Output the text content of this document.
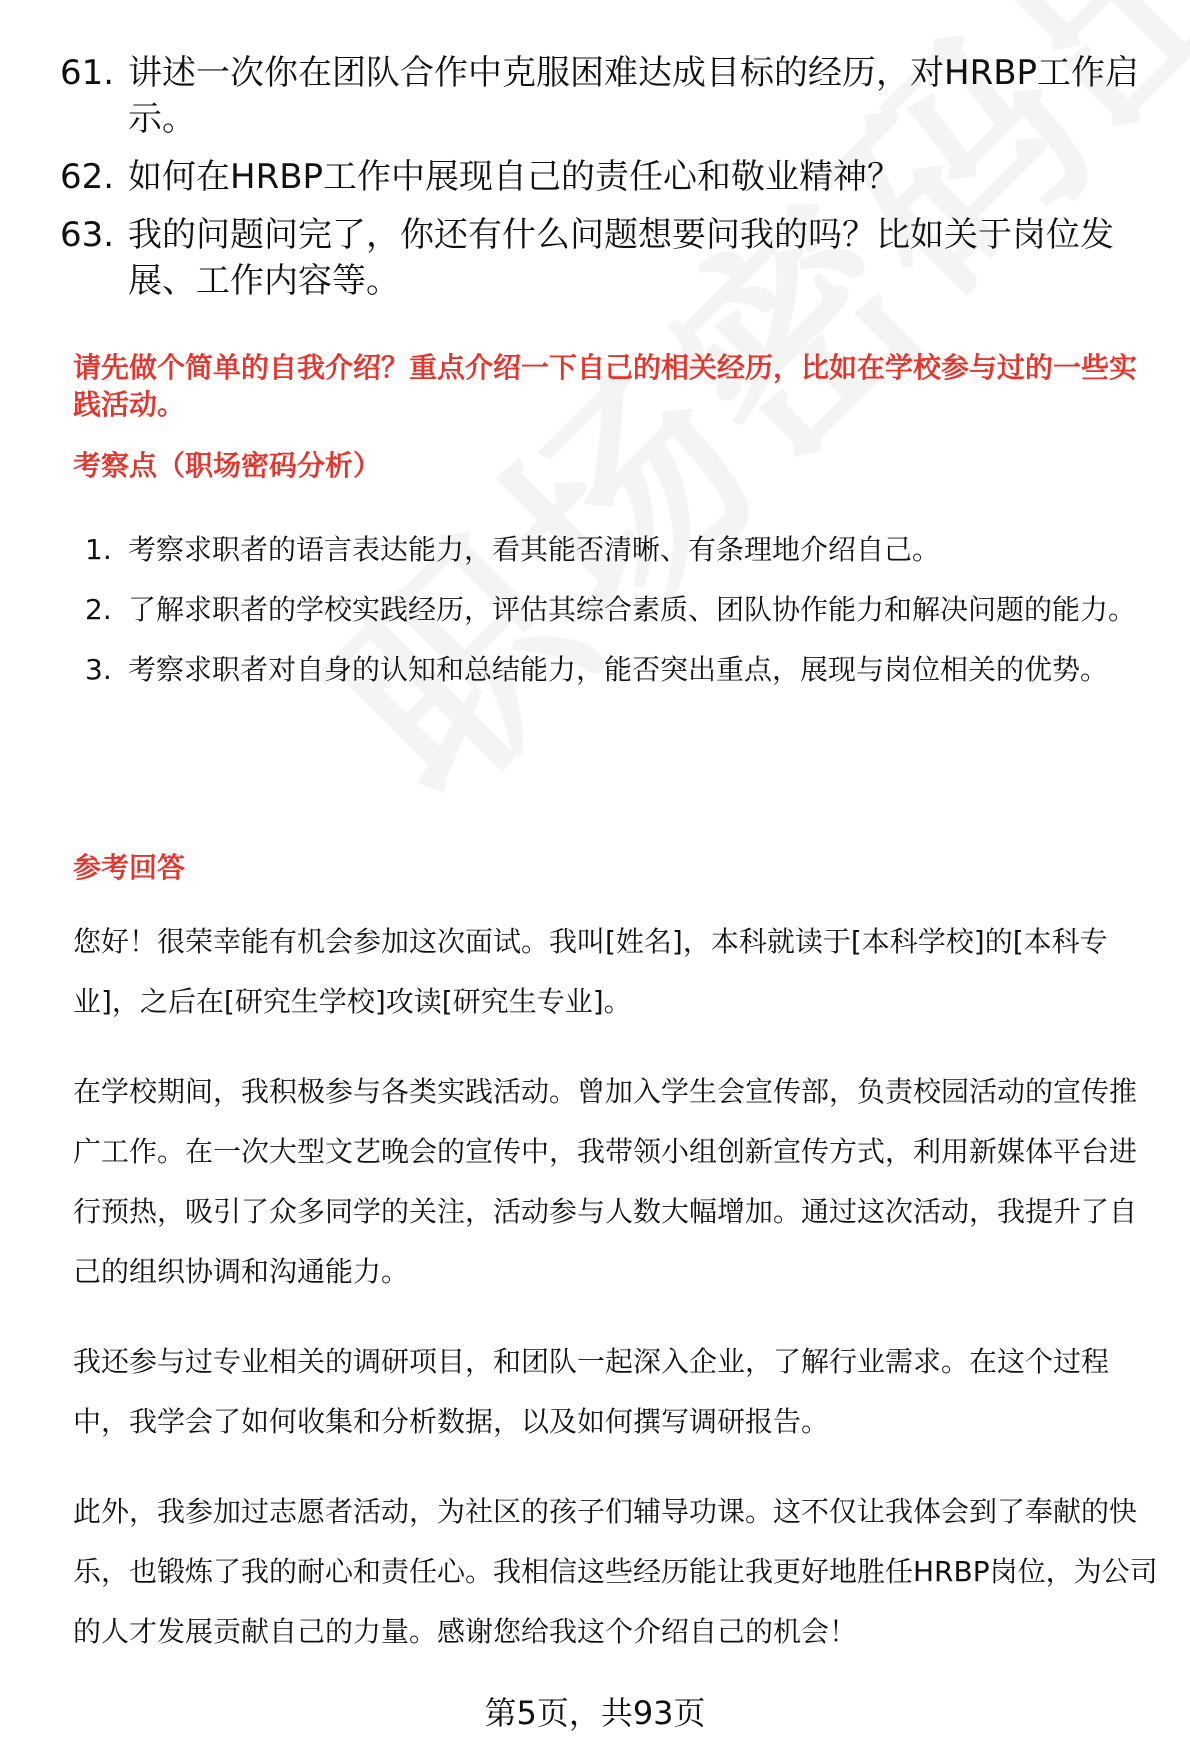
61. 讲述一次你在团队合作中克服困难达成目标的经历，对HRBP工作启示。
62. 如何在HRBP工作中展现自己的责任心和敬业精神？
63. 我的问题问完了，你还有什么问题想要问我的吗？比如关于岗位发展、工作内容等。
请先做个简单的自我介绍？重点介绍一下自己的相关经历，比如在学校参与过的一些实践活动。
考察点（职场密码分析）
1. 考察求职者的语言表达能力，看其能否清晰、有条理地介绍自己。
2. 了解求职者的学校实践经历，评估其综合素质、团队协作能力和解决问题的能力。
3. 考察求职者对自身的认知和总结能力，能否突出重点，展现与岗位相关的优势。
参考回答

您好！很荣幸能有机会参加这次面试。我叫[姓名]，本科就读于[本科学校]的[本科专业]，之后在[研究生学校]攻读[研究生专业]。

在学校期间，我积极参与各类实践活动。曾加入学生会宣传部，负责校园活动的宣传推广工作。在一次大型文艺晚会的宣传中，我带领小组创新宣传方式，利用新媒体平台进行预热，吸引了众多同学的关注，活动参与人数大幅增加。通过这次活动，我提升了自己的组织协调和沟通能力。

我还参与过专业相关的调研项目，和团队一起深入企业，了解行业需求。在这个过程中，我学会了如何收集和分析数据，以及如何撰写调研报告。

此外，我参加过志愿者活动，为社区的孩子们辅导功课。这不仅让我体会到了奉献的快乐，也锻炼了我的耐心和责任心。我相信这些经历能让我更好地胜任HRBP岗位，为公司的人才发展贡献自己的力量。感谢您给我这个介绍自己的机会！

第5页，共93页
